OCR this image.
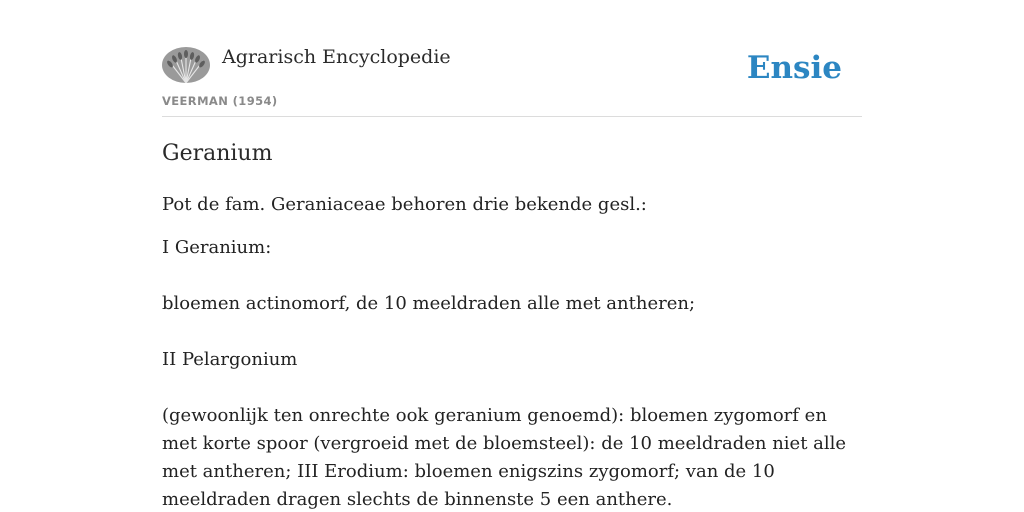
Agrarisch Encyclopedie
VEERMAN (1954)
Ensie
Geranium

Pot de fam. Geraniaceae behoren drie bekende gesl.:

I Geranium:

bloemen actinomorf, de 10 meeldraden alle met antheren;

II Pelargonium

(gewoonlijk ten onrechte ook geranium genoemd): bloemen zygomorf en met korte spoor (vergroeid met de bloemsteel): de 10 meeldraden niet alle met antheren; III Erodium: bloemen enigszins zygomorf; van de 10 meeldraden dragen slechts de binnenste 5 een anthere.
